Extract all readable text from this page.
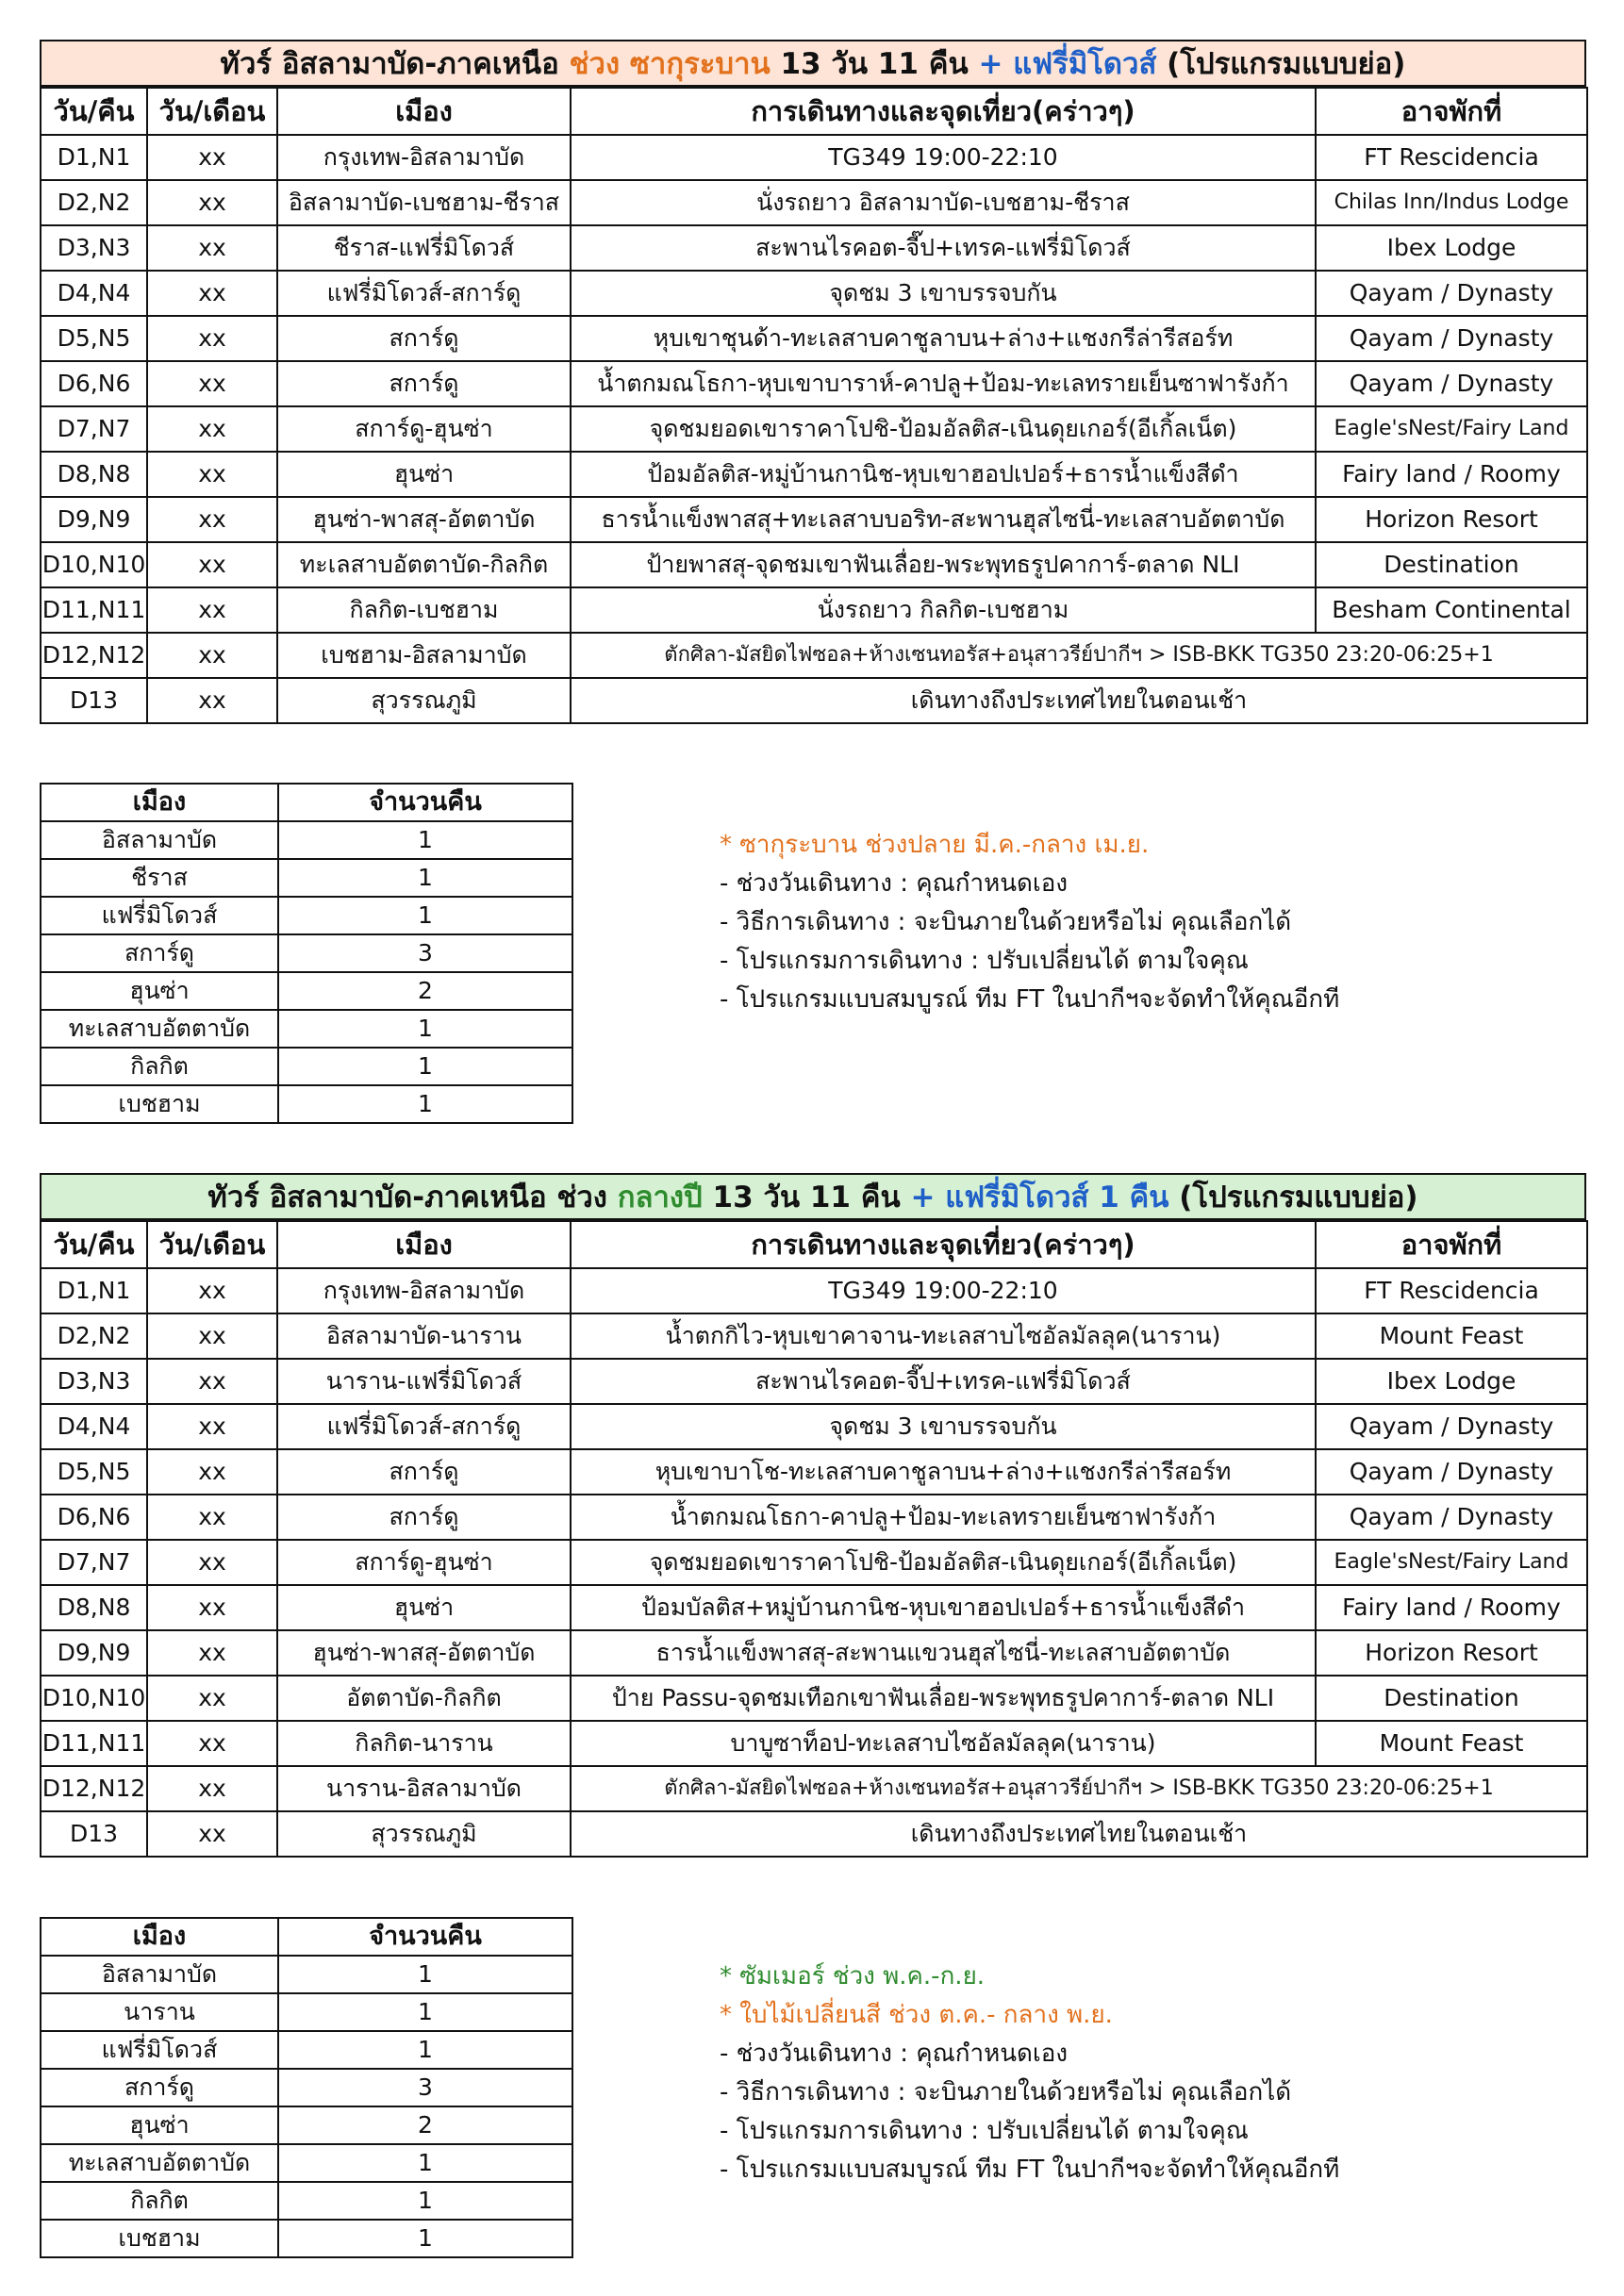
ทัวร์ อิสลามาบัด-ภาคเหนือ ช่วง ซากุระบาน 13 วัน 11 คืน + แฟรี่มิโดวส์ (โปรแกรมแบบย่อ)
วัน/คืน	วัน/เดือน	เมือง	การเดินทางและจุดเที่ยว(คร่าวๆ)	อาจพักที่
D1,N1	xx	กรุงเทพ-อิสลามาบัด	TG349 19:00-22:10	FT Rescidencia
D2,N2	xx	อิสลามาบัด-เบชฮาม-ชีราส	นั่งรถยาว อิสลามาบัด-เบชฮาม-ชีราส	Chilas Inn/Indus Lodge
D3,N3	xx	ชีราส-แฟรี่มิโดวส์	สะพานไรคอต-จี๊ป+เทรค-แฟรี่มิโดวส์	Ibex Lodge
D4,N4	xx	แฟรี่มิโดวส์-สการ์ดู	จุดชม 3 เขาบรรจบกัน	Qayam / Dynasty
D5,N5	xx	สการ์ดู	หุบเขาชุนด้า-ทะเลสาบคาชูลาบน+ล่าง+แชงกรีล่ารีสอร์ท	Qayam / Dynasty
D6,N6	xx	สการ์ดู	น้ำตกมณโธกา-หุบเขาบาราห์-คาปลู+ป้อม-ทะเลทรายเย็นซาฟารังก้า	Qayam / Dynasty
D7,N7	xx	สการ์ดู-ฮุนซ่า	จุดชมยอดเขาราคาโปชิ-ป้อมอัลติส-เนินดุยเกอร์(อีเกิ้ลเน็ต)	Eagle'sNest/Fairy Land
D8,N8	xx	ฮุนซ่า	ป้อมอัลติส-หมู่บ้านกานิช-หุบเขาฮอปเปอร์+ธารน้ำแข็งสีดำ	Fairy land / Roomy
D9,N9	xx	ฮุนซ่า-พาสสุ-อัตตาบัด	ธารน้ำแข็งพาสสุ+ทะเลสาบบอริท-สะพานฮุสไซนี่-ทะเลสาบอัตตาบัด	Horizon Resort
D10,N10	xx	ทะเลสาบอัตตาบัด-กิลกิต	ป้ายพาสสุ-จุดชมเขาฟันเลื่อย-พระพุทธรูปคาการ์-ตลาด NLI	Destination
D11,N11	xx	กิลกิต-เบชฮาม	นั่งรถยาว กิลกิต-เบชฮาม	Besham Continental
D12,N12	xx	เบชฮาม-อิสลามาบัด	ตักศิลา-มัสยิดไฟซอล+ห้างเซนทอรัส+อนุสาวรีย์ปากีฯ > ISB-BKK TG350 23:20-06:25+1	
D13	xx	สุวรรณภูมิ	เดินทางถึงประเทศไทยในตอนเช้า	
เมือง	จำนวนคืน
อิสลามาบัด	1
ชีราส	1
แฟรี่มิโดวส์	1
สการ์ดู	3
ฮุนซ่า	2
ทะเลสาบอัตตาบัด	1
กิลกิต	1
เบชฮาม	1
* ซากุระบาน ช่วงปลาย มี.ค.-กลาง เม.ย.
- ช่วงวันเดินทาง : คุณกำหนดเอง
- วิธีการเดินทาง : จะบินภายในด้วยหรือไม่ คุณเลือกได้
- โปรแกรมการเดินทาง : ปรับเปลี่ยนได้ ตามใจคุณ
- โปรแกรมแบบสมบูรณ์ ทีม FT ในปากีฯจะจัดทำให้คุณอีกที
ทัวร์ อิสลามาบัด-ภาคเหนือ ช่วง กลางปี 13 วัน 11 คืน + แฟรี่มิโดวส์ 1 คืน (โปรแกรมแบบย่อ)
วัน/คืน	วัน/เดือน	เมือง	การเดินทางและจุดเที่ยว(คร่าวๆ)	อาจพักที่
D1,N1	xx	กรุงเทพ-อิสลามาบัด	TG349 19:00-22:10	FT Rescidencia
D2,N2	xx	อิสลามาบัด-นาราน	น้ำตกกิไว-หุบเขาคาจาน-ทะเลสาบไซอัลมัลลุค(นาราน)	Mount Feast
D3,N3	xx	นาราน-แฟรี่มิโดวส์	สะพานไรคอต-จี๊ป+เทรค-แฟรี่มิโดวส์	Ibex Lodge
D4,N4	xx	แฟรี่มิโดวส์-สการ์ดู	จุดชม 3 เขาบรรจบกัน	Qayam / Dynasty
D5,N5	xx	สการ์ดู	หุบเขาบาโช-ทะเลสาบคาชูลาบน+ล่าง+แชงกรีล่ารีสอร์ท	Qayam / Dynasty
D6,N6	xx	สการ์ดู	น้ำตกมณโธกา-คาปลู+ป้อม-ทะเลทรายเย็นซาฟารังก้า	Qayam / Dynasty
D7,N7	xx	สการ์ดู-ฮุนซ่า	จุดชมยอดเขาราคาโปชิ-ป้อมอัลติส-เนินดุยเกอร์(อีเกิ้ลเน็ต)	Eagle'sNest/Fairy Land
D8,N8	xx	ฮุนซ่า	ป้อมบัลติส+หมู่บ้านกานิช-หุบเขาฮอปเปอร์+ธารน้ำแข็งสีดำ	Fairy land / Roomy
D9,N9	xx	ฮุนซ่า-พาสสุ-อัตตาบัด	ธารน้ำแข็งพาสสุ-สะพานแขวนฮุสไซนี่-ทะเลสาบอัตตาบัด	Horizon Resort
D10,N10	xx	อัตตาบัด-กิลกิต	ป้าย Passu-จุดชมเทือกเขาฟันเลื่อย-พระพุทธรูปคาการ์-ตลาด NLI	Destination
D11,N11	xx	กิลกิต-นาราน	บาบูซาท็อป-ทะเลสาบไซอัลมัลลุค(นาราน)	Mount Feast
D12,N12	xx	นาราน-อิสลามาบัด	ตักศิลา-มัสยิดไฟซอล+ห้างเซนทอรัส+อนุสาวรีย์ปากีฯ > ISB-BKK TG350 23:20-06:25+1	
D13	xx	สุวรรณภูมิ	เดินทางถึงประเทศไทยในตอนเช้า	
เมือง	จำนวนคืน
อิสลามาบัด	1
นาราน	1
แฟรี่มิโดวส์	1
สการ์ดู	3
ฮุนซ่า	2
ทะเลสาบอัตตาบัด	1
กิลกิต	1
เบชฮาม	1
* ซัมเมอร์ ช่วง พ.ค.-ก.ย.
* ใบไม้เปลี่ยนสี ช่วง ต.ค.- กลาง พ.ย.
- ช่วงวันเดินทาง : คุณกำหนดเอง
- วิธีการเดินทาง : จะบินภายในด้วยหรือไม่ คุณเลือกได้
- โปรแกรมการเดินทาง : ปรับเปลี่ยนได้ ตามใจคุณ
- โปรแกรมแบบสมบูรณ์ ทีม FT ในปากีฯจะจัดทำให้คุณอีกที
